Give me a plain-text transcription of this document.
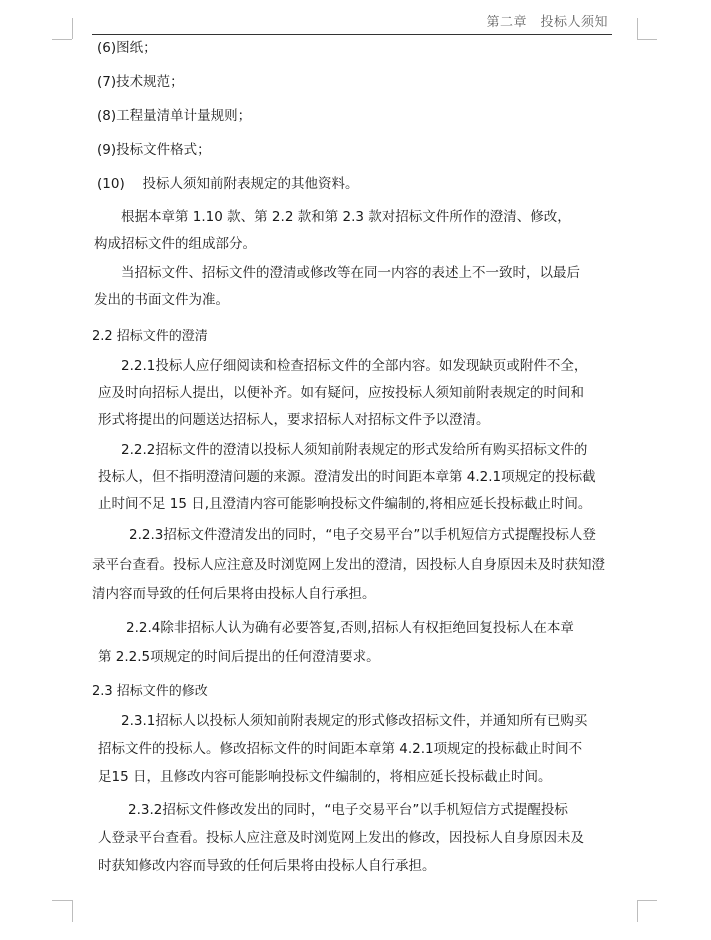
第二章　投标人须知
(6)图纸；
(7)技术规范；
(8)工程量清单计量规则；
(9)投标文件格式；
(10)　 投标人须知前附表规定的其他资料。
根据本章第 1.10 款、第 2.2 款和第 2.3 款对招标文件所作的澄清、修改，
构成招标文件的组成部分。
当招标文件、招标文件的澄清或修改等在同一内容的表述上不一致时，以最后
发出的书面文件为准。
2.2 招标文件的澄清
2.2.1投标人应仔细阅读和检查招标文件的全部内容。如发现缺页或附件不全，
应及时向招标人提出，以便补齐。如有疑问，应按投标人须知前附表规定的时间和
形式将提出的问题送达招标人，要求招标人对招标文件予以澄清。
2.2.2招标文件的澄清以投标人须知前附表规定的形式发给所有购买招标文件的
投标人，但不指明澄清问题的来源。澄清发出的时间距本章第 4.2.1项规定的投标截
止时间不足 15 日,且澄清内容可能影响投标文件编制的,将相应延长投标截止时间。
2.2.3招标文件澄清发出的同时，“电子交易平台”以手机短信方式提醒投标人登
录平台查看。投标人应注意及时浏览网上发出的澄清，因投标人自身原因未及时获知澄
清内容而导致的任何后果将由投标人自行承担。
2.2.4除非招标人认为确有必要答复,否则,招标人有权拒绝回复投标人在本章
第 2.2.5项规定的时间后提出的任何澄清要求。
2.3 招标文件的修改
2.3.1招标人以投标人须知前附表规定的形式修改招标文件，并通知所有已购买
招标文件的投标人。修改招标文件的时间距本章第 4.2.1项规定的投标截止时间不
足15 日，且修改内容可能影响投标文件编制的，将相应延长投标截止时间。
2.3.2招标文件修改发出的同时，“电子交易平台”以手机短信方式提醒投标
人登录平台查看。投标人应注意及时浏览网上发出的修改，因投标人自身原因未及
时获知修改内容而导致的任何后果将由投标人自行承担。
